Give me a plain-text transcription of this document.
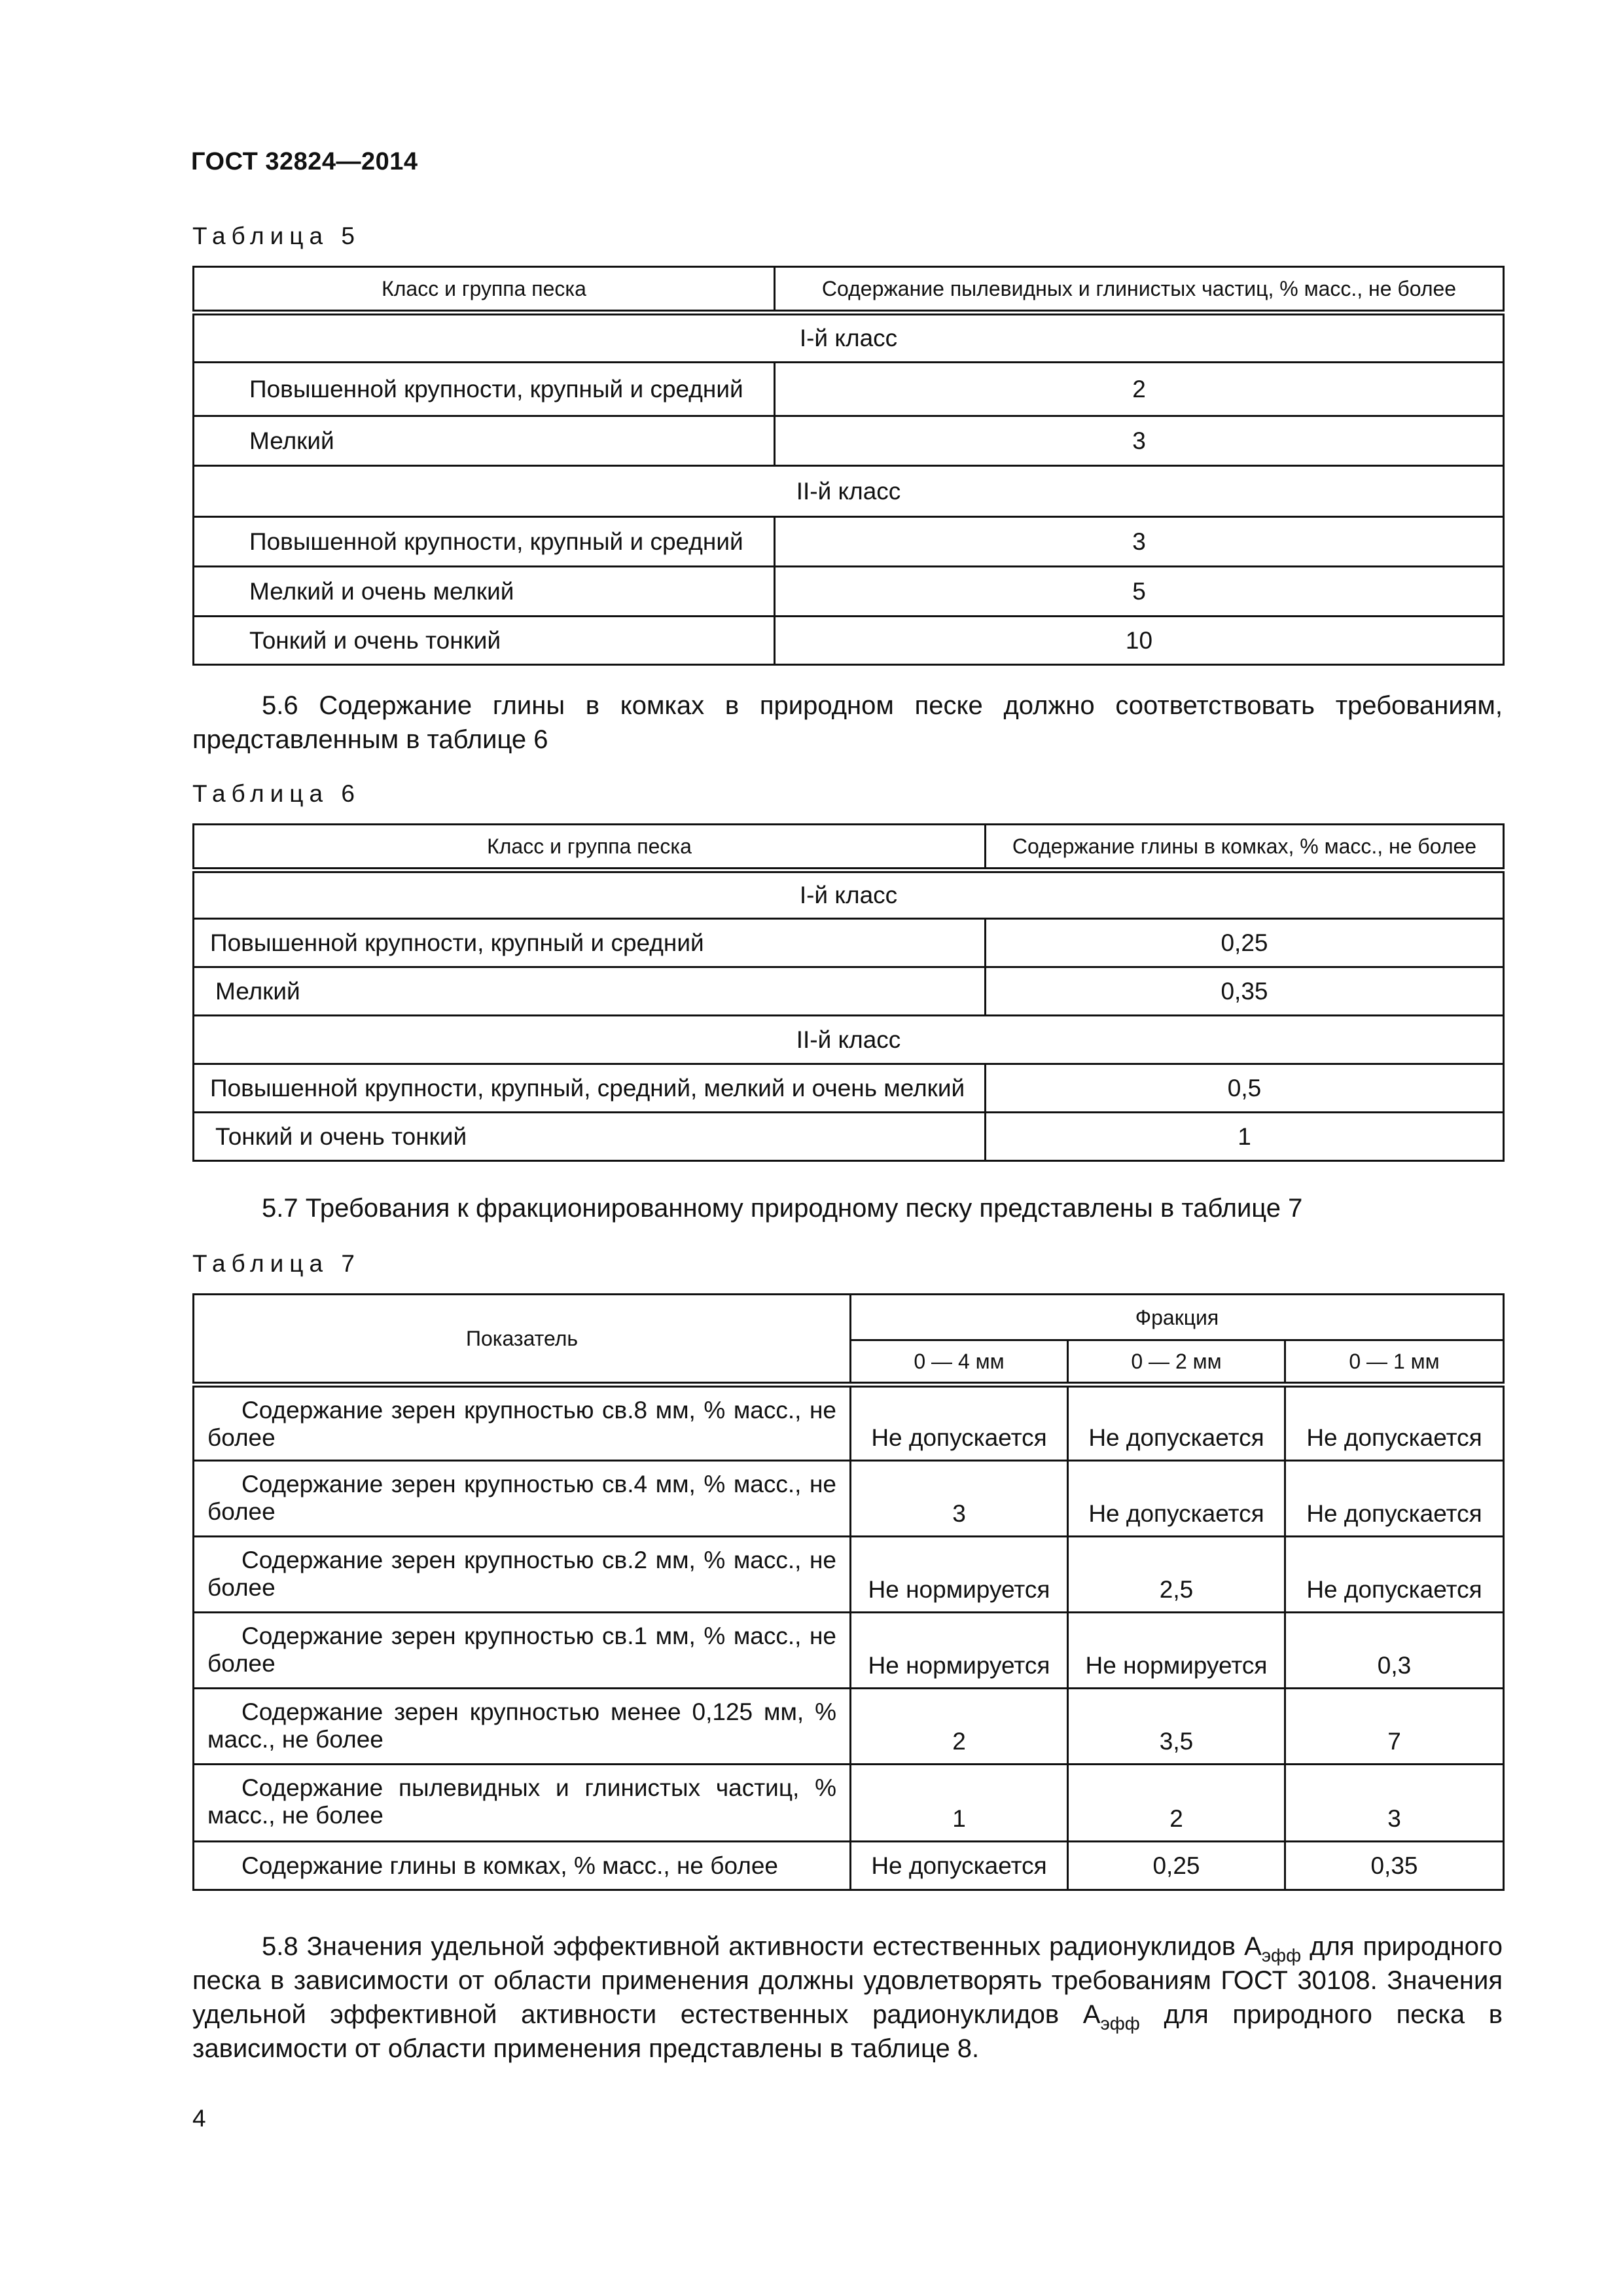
ГОСТ 32824—2014
Таблица 5
Класс и группа песка	Содержание пылевидных и глинистых частиц, % масс., не более
I-й класс	
Повышенной крупности, крупный и средний	2
Мелкий	3
II-й класс	
Повышенной крупности, крупный и средний	3
Мелкий и очень мелкий	5
Тонкий и очень тонкий	10
5.6 Содержание глины в комках в природном песке должно соответствовать требованиям, представленным в таблице 6
Таблица 6
Класс и группа песка	Содержание глины в комках, % масс., не более
I-й класс	
Повышенной крупности, крупный и средний	0,25
Мелкий	0,35
II-й класс	
Повышенной крупности, крупный, средний, мелкий и очень мелкий	0,5
Тонкий и очень тонкий	1
5.7 Требования к фракционированному природному песку представлены в таблице 7
Таблица 7
Показатель	Фракция		
	0 — 4 мм	0 — 2 мм	0 — 1 мм
Содержание зерен крупностью св.8 мм, % масс., не более	Не допускается	Не допускается	Не допускается
Содержание зерен крупностью св.4 мм, % масс., не более	3	Не допускается	Не допускается
Содержание зерен крупностью св.2 мм, % масс., не более	Не нормируется	2,5	Не допускается
Содержание зерен крупностью св.1 мм, % масс., не более	Не нормируется	Не нормируется	0,3
Содержание зерен крупностью менее 0,125 мм, % масс., не более	2	3,5	7
Содержание пылевидных и глинистых частиц, % масс., не более	1	2	3
Содержание глины в комках, % масс., не более	Не допускается	0,25	0,35
5.8 Значения удельной эффективной активности естественных радионуклидов $А_{эфф}$ для природного песка в зависимости от области применения должны удовлетворять требованиям ГОСТ 30108. Значения удельной эффективной активности естественных радионуклидов $А_{эфф}$ для природного песка в зависимости от области применения представлены в таблице 8.
4
